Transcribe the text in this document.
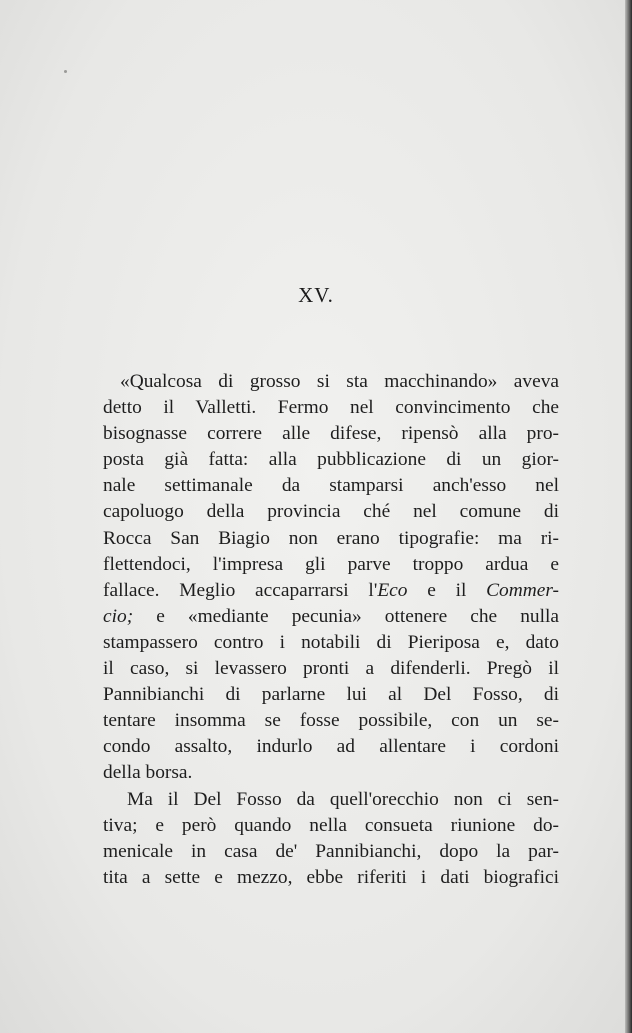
XV.
«Qualcosa di grosso si sta macchinando» aveva
detto il Valletti. Fermo nel convincimento che
bisognasse correre alle difese, ripensò alla pro-
posta già fatta: alla pubblicazione di un gior-
nale settimanale da stamparsi anch'esso nel
capoluogo della provincia ché nel comune di
Rocca San Biagio non erano tipografie: ma ri-
flettendoci, l'impresa gli parve troppo ardua e
fallace. Meglio accaparrarsi l'Eco e il Commer-
cio; e «mediante pecunia» ottenere che nulla
stampassero contro i notabili di Pieriposa e, dato
il caso, si levassero pronti a difenderli. Pregò il
Pannibianchi di parlarne lui al Del Fosso, di
tentare insomma se fosse possibile, con un se-
condo assalto, indurlo ad allentare i cordoni
della borsa.
Ma il Del Fosso da quell'orecchio non ci sen-
tiva; e però quando nella consueta riunione do-
menicale in casa de' Pannibianchi, dopo la par-
tita a sette e mezzo, ebbe riferiti i dati biografici
